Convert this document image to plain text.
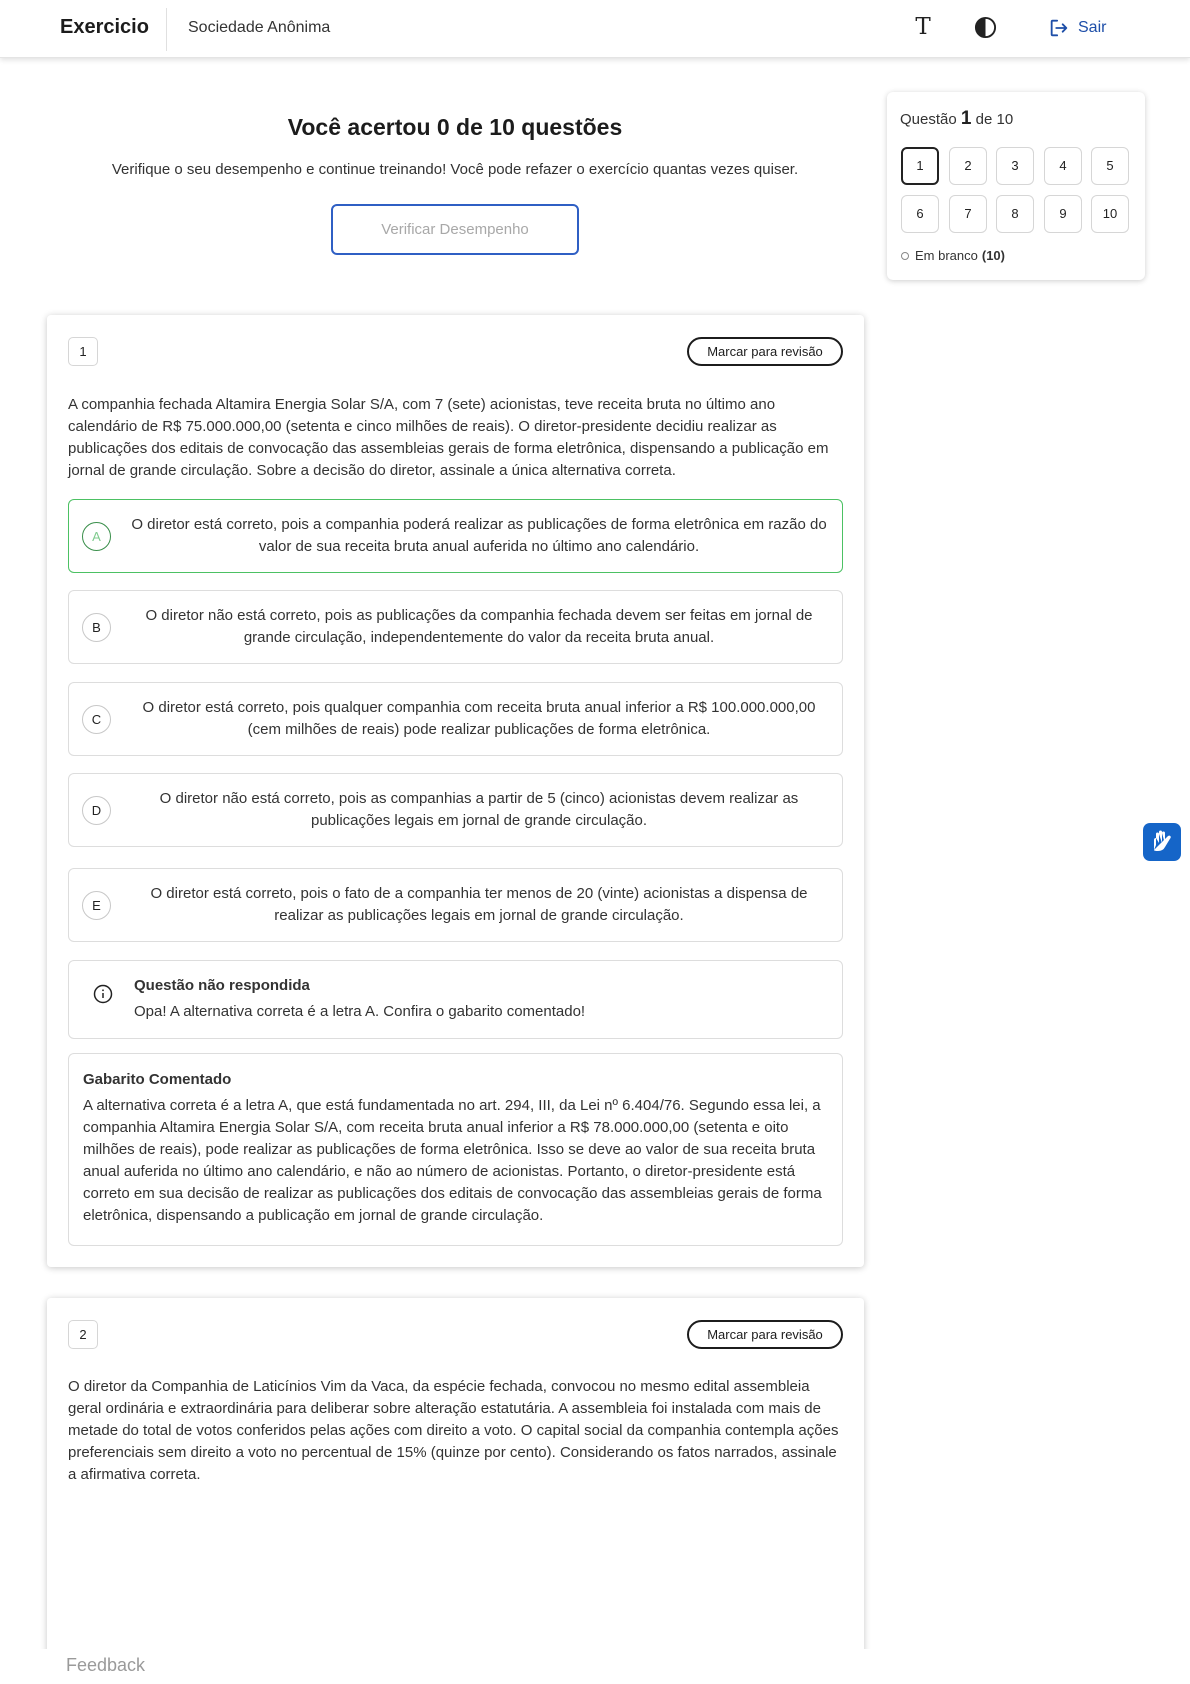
Exercicio Sociedade Anônima	T	Sair
Você acertou 0 de 10 questões
Verifique o seu desempenho e continue treinando! Você pode refazer o exercício quantas vezes quiser.
Verificar Desempenho
Questão 1 de 10
1	2	3	4	5
6	7	8	9	10
Em branco (10)
1	Marcar para revisão
A companhia fechada Altamira Energia Solar S/A, com 7 (sete) acionistas, teve receita bruta no último ano calendário de R$ 75.000.000,00 (setenta e cinco milhões de reais). O diretor-presidente decidiu realizar as publicações dos editais de convocação das assembleias gerais de forma eletrônica, dispensando a publicação em jornal de grande circulação. Sobre a decisão do diretor, assinale a única alternativa correta.
A
O diretor está correto, pois a companhia poderá realizar as publicações de forma eletrônica em razão do valor de sua receita bruta anual auferida no último ano calendário.
B
O diretor não está correto, pois as publicações da companhia fechada devem ser feitas em jornal de grande circulação, independentemente do valor da receita bruta anual.
C
O diretor está correto, pois qualquer companhia com receita bruta anual inferior a R$ 100.000.000,00 (cem milhões de reais) pode realizar publicações de forma eletrônica.
D
O diretor não está correto, pois as companhias a partir de 5 (cinco) acionistas devem realizar as publicações legais em jornal de grande circulação.
E
O diretor está correto, pois o fato de a companhia ter menos de 20 (vinte) acionistas a dispensa de realizar as publicações legais em jornal de grande circulação.
Questão não respondida
Opa! A alternativa correta é a letra A. Confira o gabarito comentado!
Gabarito Comentado
A alternativa correta é a letra A, que está fundamentada no art. 294, III, da Lei nº 6.404/76. Segundo essa lei, a companhia Altamira Energia Solar S/A, com receita bruta anual inferior a R$ 78.000.000,00 (setenta e oito milhões de reais), pode realizar as publicações de forma eletrônica. Isso se deve ao valor de sua receita bruta anual auferida no último ano calendário, e não ao número de acionistas. Portanto, o diretor-presidente está correto em sua decisão de realizar as publicações dos editais de convocação das assembleias gerais de forma eletrônica, dispensando a publicação em jornal de grande circulação.
2	Marcar para revisão
O diretor da Companhia de Laticínios Vim da Vaca, da espécie fechada, convocou no mesmo edital assembleia geral ordinária e extraordinária para deliberar sobre alteração estatutária. A assembleia foi instalada com mais de metade do total de votos conferidos pelas ações com direito a voto. O capital social da companhia contempla ações preferenciais sem direito a voto no percentual de 15% (quinze por cento). Considerando os fatos narrados, assinale a afirmativa correta.
Feedback
